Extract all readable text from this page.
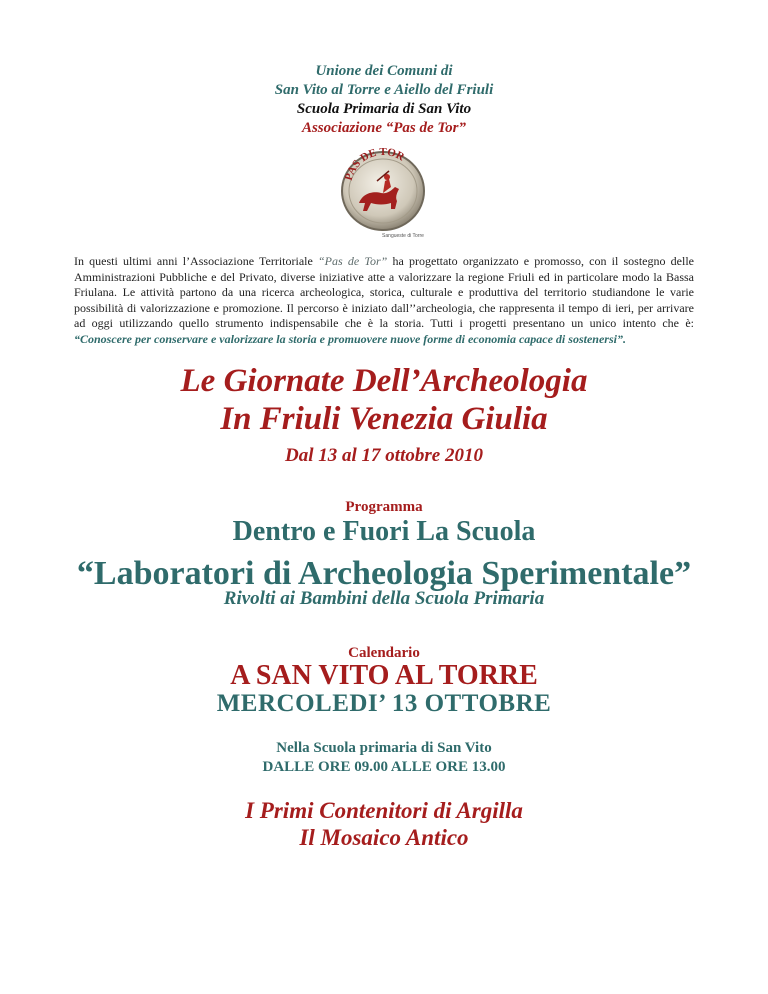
Unione dei Comuni di
San Vito al Torre e Aiello del Friuli
Scuola Primaria di San Vito
Associazione “Pas de Tor”
PAS DE TOR
Sangueste di Torre
In questi ultimi anni l’Associazione Territoriale “Pas de Tor” ha progettato organizzato e promosso, con il sostegno delle Amministrazioni Pubbliche e del Privato, diverse iniziative atte a valorizzare la regione Friuli ed in particolare modo la Bassa Friulana. Le attività partono da una ricerca archeologica, storica, culturale e produttiva del territorio studiandone le varie possibilità di valorizzazione e promozione. Il percorso è iniziato dall’’archeologia, che rappresenta il tempo di ieri, per arrivare ad oggi utilizzando quello strumento indispensabile che è la storia. Tutti i progetti presentano un unico intento che è: “Conoscere per conservare e valorizzare la storia e promuovere nuove forme di economia capace di sostenersi”.
Le Giornate Dell’Archeologia
In Friuli Venezia Giulia
Dal 13 al 17 ottobre 2010
Programma
Dentro e Fuori La Scuola
“Laboratori di Archeologia Sperimentale”
Rivolti ai Bambini della Scuola Primaria
Calendario
A SAN VITO AL TORRE
MERCOLEDI’ 13 OTTOBRE
Nella Scuola primaria di San Vito
DALLE ORE 09.00 ALLE ORE 13.00
I Primi Contenitori di Argilla
Il Mosaico Antico
